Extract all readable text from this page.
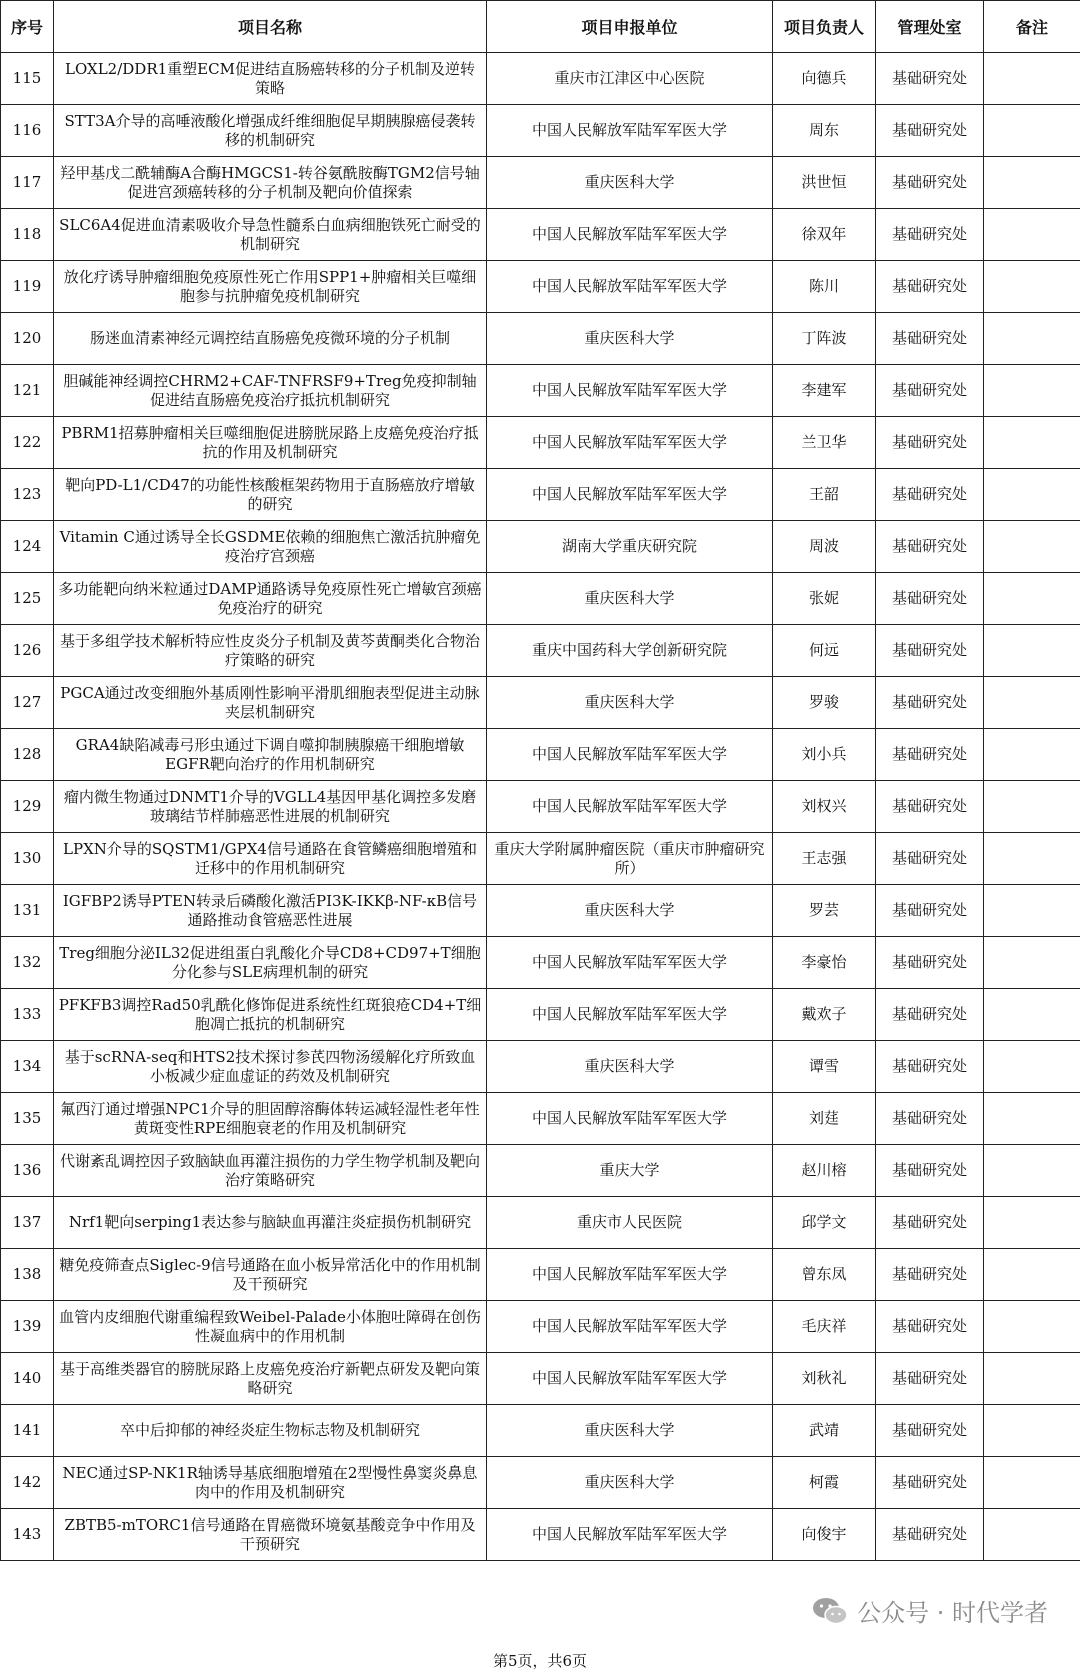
序号	项目名称	项目申报单位	项目负责人	管理处室	备注
115	LOXL2/DDR1重塑ECM促进结直肠癌转移的分子机制及逆转策略	重庆市江津区中心医院	向德兵	基础研究处	
116	STT3A介导的高唾液酸化增强成纤维细胞促早期胰腺癌侵袭转移的机制研究	中国人民解放军陆军军医大学	周东	基础研究处	
117	羟甲基戊二酰辅酶A合酶HMGCS1-转谷氨酰胺酶TGM2信号轴促进宫颈癌转移的分子机制及靶向价值探索	重庆医科大学	洪世恒	基础研究处	
118	SLC6A4促进血清素吸收介导急性髓系白血病细胞铁死亡耐受的机制研究	中国人民解放军陆军军医大学	徐双年	基础研究处	
119	放化疗诱导肿瘤细胞免疫原性死亡作用SPP1+肿瘤相关巨噬细胞参与抗肿瘤免疫机制研究	中国人民解放军陆军军医大学	陈川	基础研究处	
120	肠迷血清素神经元调控结直肠癌免疫微环境的分子机制	重庆医科大学	丁阵波	基础研究处	
121	胆碱能神经调控CHRM2+CAF-TNFRSF9+Treg免疫抑制轴促进结直肠癌免疫治疗抵抗机制研究	中国人民解放军陆军军医大学	李建军	基础研究处	
122	PBRM1招募肿瘤相关巨噬细胞促进膀胱尿路上皮癌免疫治疗抵抗的作用及机制研究	中国人民解放军陆军军医大学	兰卫华	基础研究处	
123	靶向PD-L1/CD47的功能性核酸框架药物用于直肠癌放疗增敏的研究	中国人民解放军陆军军医大学	王韶	基础研究处	
124	Vitamin C通过诱导全长GSDME依赖的细胞焦亡激活抗肿瘤免疫治疗宫颈癌	湖南大学重庆研究院	周波	基础研究处	
125	多功能靶向纳米粒通过DAMP通路诱导免疫原性死亡增敏宫颈癌免疫治疗的研究	重庆医科大学	张妮	基础研究处	
126	基于多组学技术解析特应性皮炎分子机制及黄芩黄酮类化合物治疗策略的研究	重庆中国药科大学创新研究院	何远	基础研究处	
127	PGCA通过改变细胞外基质刚性影响平滑肌细胞表型促进主动脉夹层机制研究	重庆医科大学	罗骏	基础研究处	
128	GRA4缺陷减毒弓形虫通过下调自噬抑制胰腺癌干细胞增敏EGFR靶向治疗的作用机制研究	中国人民解放军陆军军医大学	刘小兵	基础研究处	
129	瘤内微生物通过DNMT1介导的VGLL4基因甲基化调控多发磨玻璃结节样肺癌恶性进展的机制研究	中国人民解放军陆军军医大学	刘权兴	基础研究处	
130	LPXN介导的SQSTM1/GPX4信号通路在食管鳞癌细胞增殖和迁移中的作用机制研究	重庆大学附属肿瘤医院（重庆市肿瘤研究所）	王志强	基础研究处	
131	IGFBP2诱导PTEN转录后磷酸化激活PI3K-IKKβ-NF-κB信号通路推动食管癌恶性进展	重庆医科大学	罗芸	基础研究处	
132	Treg细胞分泌IL32促进组蛋白乳酸化介导CD8+CD97+T细胞分化参与SLE病理机制的研究	中国人民解放军陆军军医大学	李豪怡	基础研究处	
133	PFKFB3调控Rad50乳酰化修饰促进系统性红斑狼疮CD4+T细胞凋亡抵抗的机制研究	中国人民解放军陆军军医大学	戴欢子	基础研究处	
134	基于scRNA-seq和HTS2技术探讨参芪四物汤缓解化疗所致血小板减少症血虚证的药效及机制研究	重庆医科大学	谭雪	基础研究处	
135	氟西汀通过增强NPC1介导的胆固醇溶酶体转运减轻湿性老年性黄斑变性RPE细胞衰老的作用及机制研究	中国人民解放军陆军军医大学	刘莛	基础研究处	
136	代谢紊乱调控因子致脑缺血再灌注损伤的力学生物学机制及靶向治疗策略研究	重庆大学	赵川榕	基础研究处	
137	Nrf1靶向serping1表达参与脑缺血再灌注炎症损伤机制研究	重庆市人民医院	邱学文	基础研究处	
138	糖免疫筛查点Siglec-9信号通路在血小板异常活化中的作用机制及干预研究	中国人民解放军陆军军医大学	曾东凤	基础研究处	
139	血管内皮细胞代谢重编程致Weibel-Palade小体胞吐障碍在创伤性凝血病中的作用机制	中国人民解放军陆军军医大学	毛庆祥	基础研究处	
140	基于高维类器官的膀胱尿路上皮癌免疫治疗新靶点研发及靶向策略研究	中国人民解放军陆军军医大学	刘秋礼	基础研究处	
141	卒中后抑郁的神经炎症生物标志物及机制研究	重庆医科大学	武靖	基础研究处	
142	NEC通过SP-NK1R轴诱导基底细胞增殖在2型慢性鼻窦炎鼻息肉中的作用及机制研究	重庆医科大学	柯霞	基础研究处	
143	ZBTB5-mTORC1信号通路在胃癌微环境氨基酸竞争中作用及干预研究	中国人民解放军陆军军医大学	向俊宇	基础研究处	
公众号 · 时代学者
第5页，共6页
